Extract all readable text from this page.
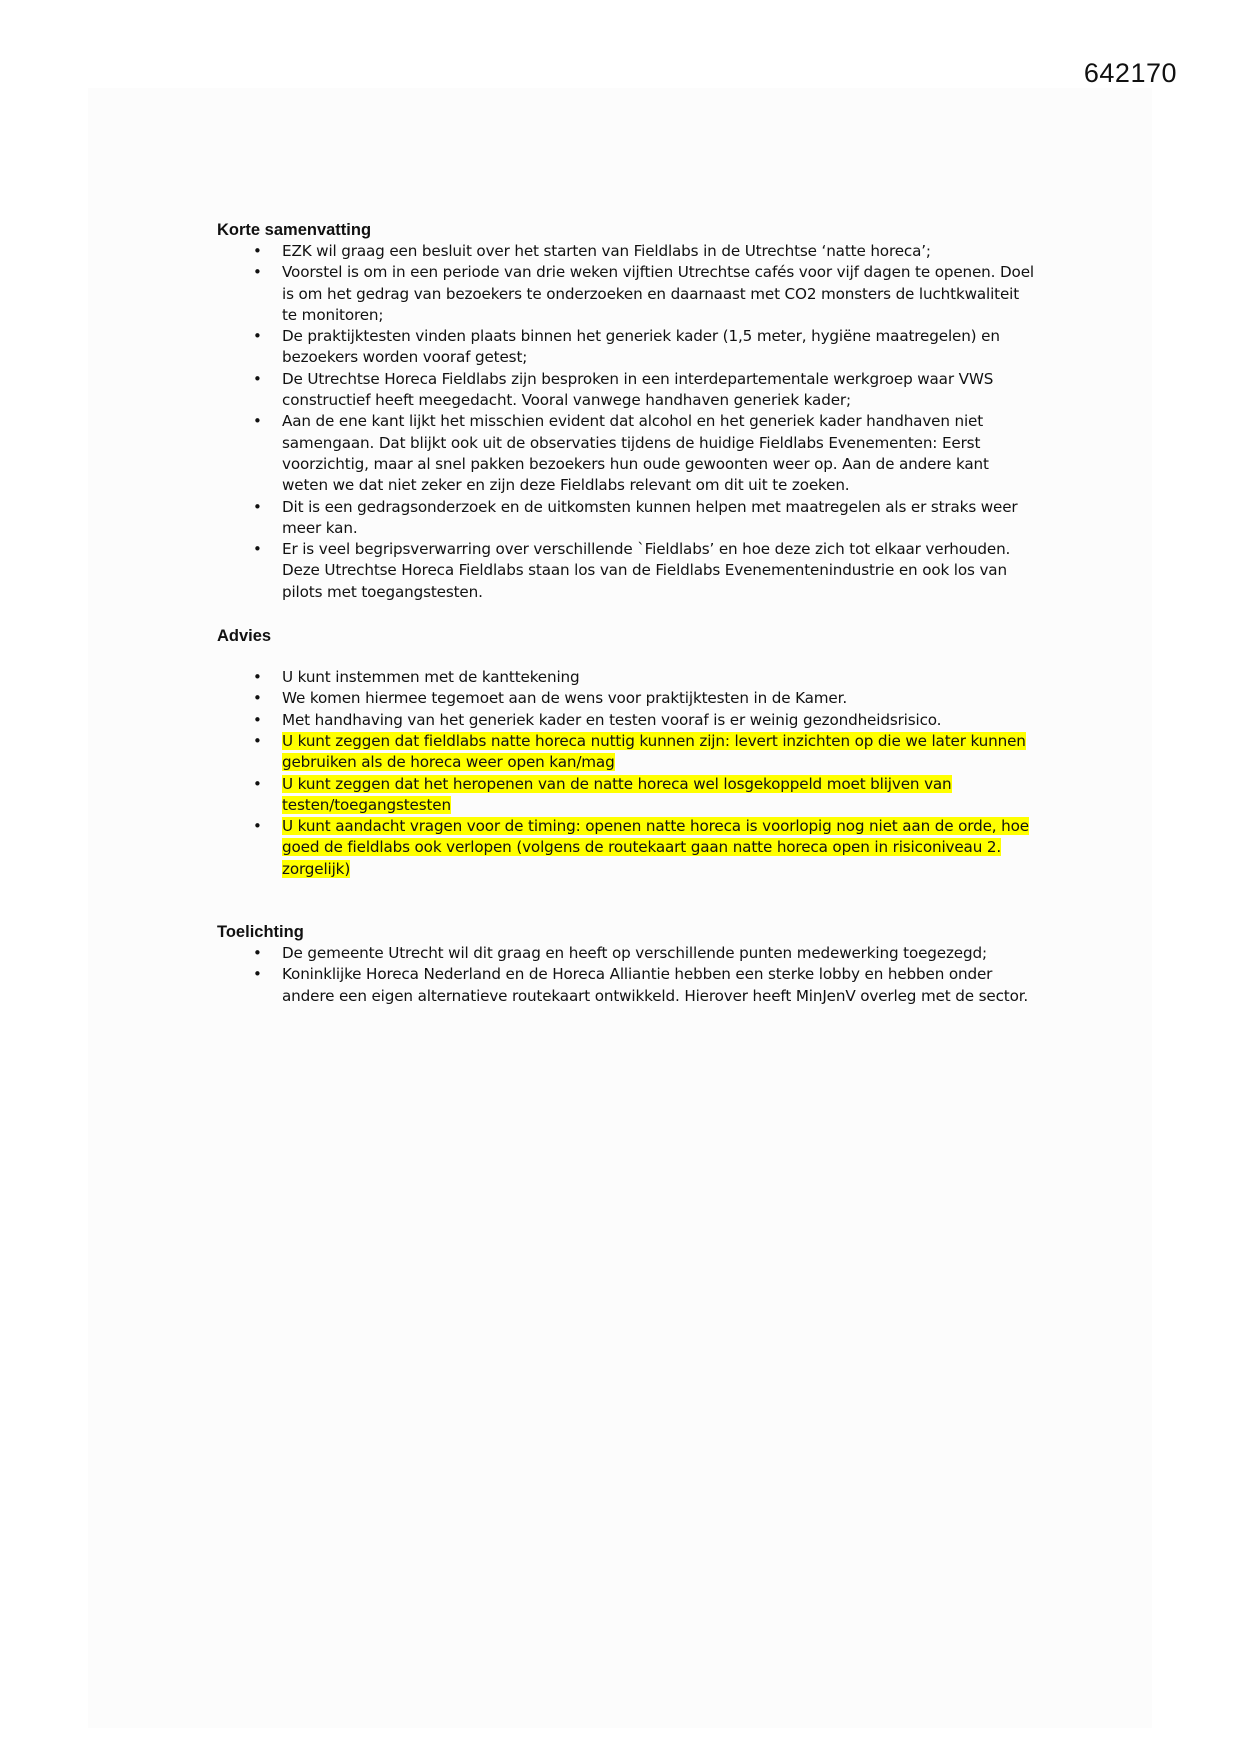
642170
Korte samenvatting
• EZK wil graag een besluit over het starten van Fieldlabs in de Utrechtse ‘natte horeca’;
• Voorstel is om in een periode van drie weken vijftien Utrechtse cafés voor vijf dagen te openen. Doel is om het gedrag van bezoekers te onderzoeken en daarnaast met CO2 monsters de luchtkwaliteit te monitoren;
• De praktijktesten vinden plaats binnen het generiek kader (1,5 meter, hygiëne maatregelen) en bezoekers worden vooraf getest;
• De Utrechtse Horeca Fieldlabs zijn besproken in een interdepartementale werkgroep waar VWS constructief heeft meegedacht. Vooral vanwege handhaven generiek kader;
• Aan de ene kant lijkt het misschien evident dat alcohol en het generiek kader handhaven niet samengaan. Dat blijkt ook uit de observaties tijdens de huidige Fieldlabs Evenementen: Eerst voorzichtig, maar al snel pakken bezoekers hun oude gewoonten weer op. Aan de andere kant weten we dat niet zeker en zijn deze Fieldlabs relevant om dit uit te zoeken.
• Dit is een gedragsonderzoek en de uitkomsten kunnen helpen met maatregelen als er straks weer meer kan.
• Er is veel begripsverwarring over verschillende `Fieldlabs’ en hoe deze zich tot elkaar verhouden. Deze Utrechtse Horeca Fieldlabs staan los van de Fieldlabs Evenementenindustrie en ook los van pilots met toegangstesten.
Advies
• U kunt instemmen met de kanttekening
• We komen hiermee tegemoet aan de wens voor praktijktesten in de Kamer.
• Met handhaving van het generiek kader en testen vooraf is er weinig gezondheidsrisico.
• U kunt zeggen dat fieldlabs natte horeca nuttig kunnen zijn: levert inzichten op die we later kunnen gebruiken als de horeca weer open kan/mag
• U kunt zeggen dat het heropenen van de natte horeca wel losgekoppeld moet blijven van testen/toegangstesten
• U kunt aandacht vragen voor de timing: openen natte horeca is voorlopig nog niet aan de orde, hoe goed de fieldlabs ook verlopen (volgens de routekaart gaan natte horeca open in risiconiveau 2. zorgelijk)
Toelichting
• De gemeente Utrecht wil dit graag en heeft op verschillende punten medewerking toegezegd;
• Koninklijke Horeca Nederland en de Horeca Alliantie hebben een sterke lobby en hebben onder andere een eigen alternatieve routekaart ontwikkeld. Hierover heeft MinJenV overleg met de sector.
